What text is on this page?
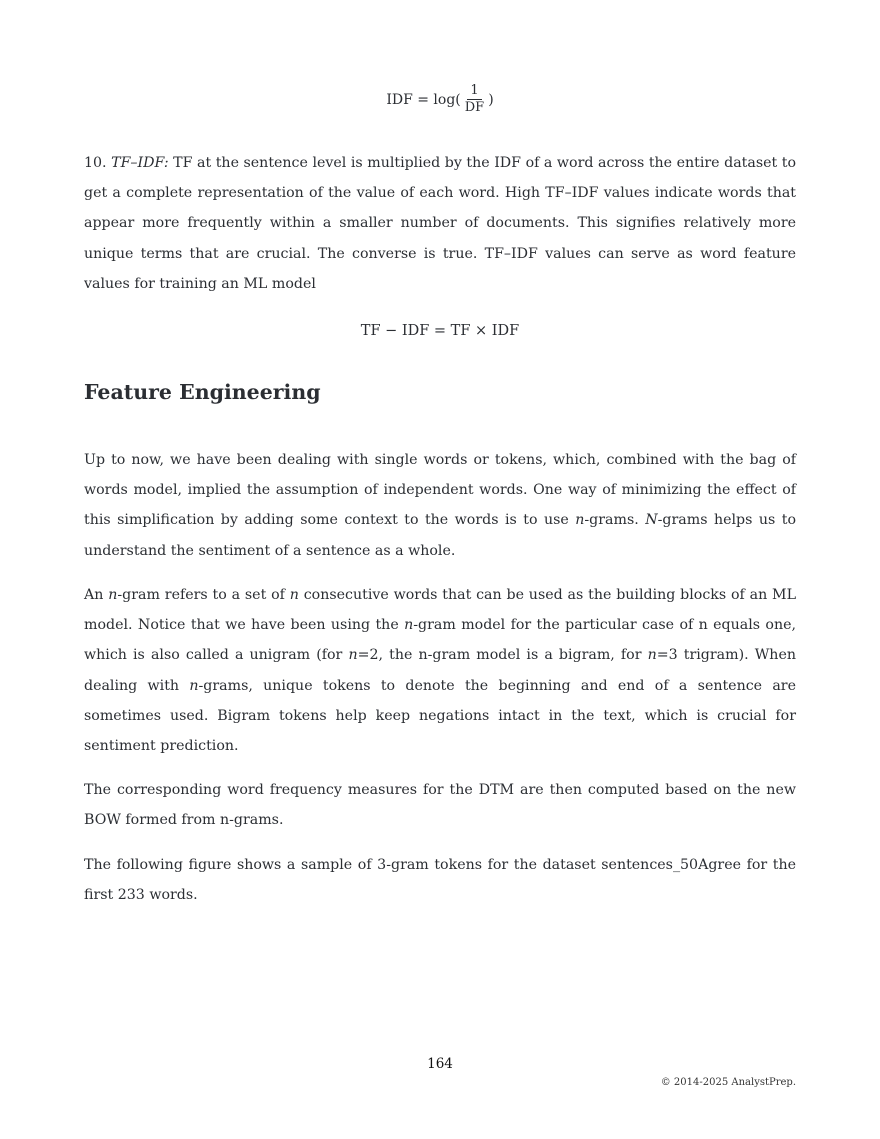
IDF = $\log( \frac{1}{DF}$ )

10. TF–IDF: TF at the sentence level is multiplied by the IDF of a word across the entire dataset to get a complete representation of the value of each word. High TF–IDF values indicate words that appear more frequently within a smaller number of documents. This signifies relatively more unique terms that are crucial. The converse is true. TF–IDF values can serve as word feature values for training an ML model

TF − IDF = TF × IDF
Feature Engineering

Up to now, we have been dealing with single words or tokens, which, combined with the bag of words model, implied the assumption of independent words. One way of minimizing the effect of this simplification by adding some context to the words is to use n-grams. N-grams helps us to understand the sentiment of a sentence as a whole.

An n-gram refers to a set of n consecutive words that can be used as the building blocks of an ML model. Notice that we have been using the n-gram model for the particular case of n equals one, which is also called a unigram (for n=2, the n-gram model is a bigram, for n=3 trigram). When dealing with n-grams, unique tokens to denote the beginning and end of a sentence are sometimes used. Bigram tokens help keep negations intact in the text, which is crucial for sentiment prediction.

The corresponding word frequency measures for the DTM are then computed based on the new BOW formed from n-grams.

The following figure shows a sample of 3-gram tokens for the dataset sentences_50Agree for the first 233 words.

164
© 2014-2025 AnalystPrep.
